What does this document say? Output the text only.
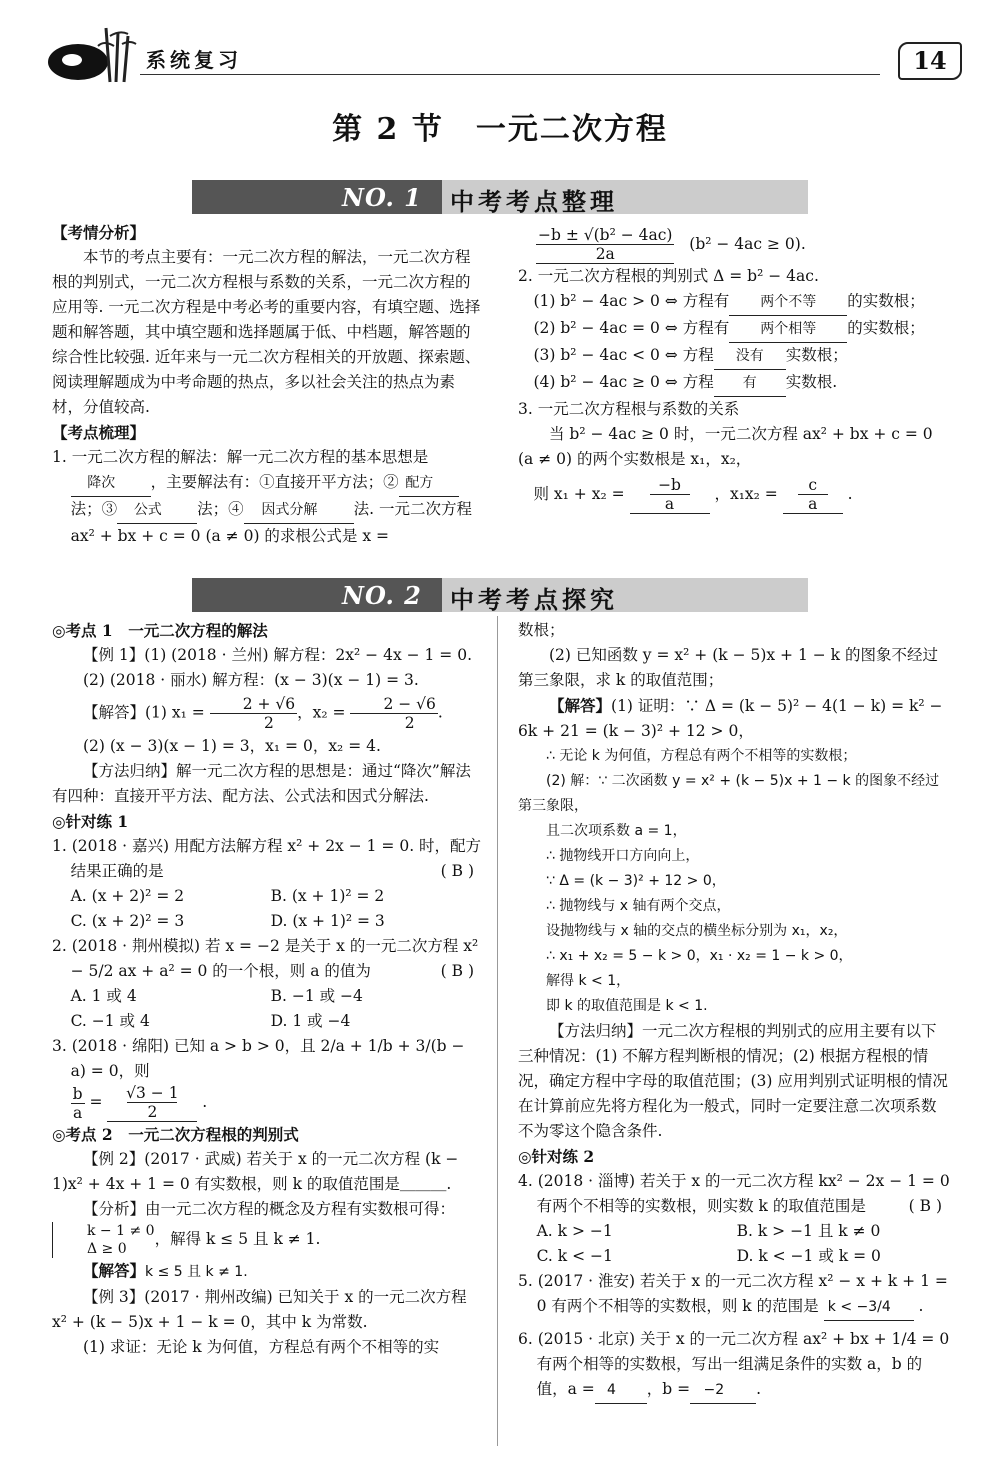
系统复习	14
第 2 节　一元二次方程
NO. 1 中考考点整理

【考情分析】

本节的考点主要有：一元二次方程的解法，一元二次方程根的判别式，一元二次方程根与系数的关系，一元二次方程的应用等. 一元二次方程是中考必考的重要内容，有填空题、选择题和解答题，其中填空题和选择题属于低、中档题，解答题的综合性比较强. 近年来与一元二次方程相关的开放题、探索题、阅读理解题成为中考命题的热点，多以社会关注的热点为素材，分值较高.

【考点梳理】

1. 一元二次方程的解法：解一元二次方程的基本思想是 降次 ，主要解法有：①直接开平方法；② 配方法；③ 公式 法；④ 因式分解 法. 一元二次方程 ax² + bx + c = 0 (a ≠ 0) 的求根公式是 x =

$\frac{\text{−b ± √(b² − 4ac)}}{2a} (b^2 - 4ac \ge 0)$.

2. 一元二次方程根的判别式 Δ = b² − 4ac.

(1) b² − 4ac > 0 ⇔ 方程有 两个不等 的实数根；

(2) b² − 4ac = 0 ⇔ 方程有 两个相等 的实数根；

(3) b² − 4ac < 0 ⇔ 方程 没有 实数根；

(4) b² − 4ac ≥ 0 ⇔ 方程 有 实数根.

3. 一元二次方程根与系数的关系

当 b² − 4ac ≥ 0 时，一元二次方程 ax² + bx + c = 0 (a ≠ 0) 的两个实数根是 x₁，x₂，

则 $x_1 + x_2 = \frac{-b}{a}$ ，$x_1x_2 = \frac{c}{a}$ .

NO. 2 中考考点探究

◎考点 1　一元二次方程的解法

【例 1】(1) (2018 · 兰州) 解方程：2x² − 4x − 1 = 0.

(2) (2018 · 丽水) 解方程：(x − 3)(x − 1) = 3.

【解答】(1) $x_1 = \frac{2 + √6}{2}$ ，$x_2 = \frac{2 - √6}{2}$ .

(2) (x − 3)(x − 1) = 3，x₁ = 0，x₂ = 4.

【方法归纳】解一元二次方程的思想是：通过“降次”解法有四种：直接开平方法、配方法、公式法和因式分解法.

◎针对练 1

1. (2018 · 嘉兴) 用配方法解方程 x² + 2x − 1 = 0. 时，配方结果正确的是	( B )

A. (x + 2)² = 2	B. (x + 1)² = 2

C. (x + 2)² = 3	D. (x + 1)² = 3

2. (2018 · 荆州模拟) 若 x = −2 是关于 x 的一元二次方程 x² − 5/2 ax + a² = 0 的一个根，则 a 的值为	( B )

A. 1 或 4	B. −1 或 −4

C. −1 或 4	D. 1 或 −4

3. (2018 · 绵阳) 已知 a > b > 0，且 2/a + 1/b + 3/(b − a) = 0，则

$\frac{b}{a} = \frac{√3 - 1}{2}$ .

◎考点 2　一元二次方程根的判别式

【例 2】(2017 · 武威) 若关于 x 的一元二次方程 (k − 1)x² + 4x + 1 = 0 有实数根，则 k 的取值范围是＿＿＿.

【分析】由一元二次方程的概念及方程有实数根可得：
k − 1 ≠ 0
Δ ≥ 0
，解得 k ≤ 5 且 k ≠ 1.

【解答】k ≤ 5 且 k ≠ 1.

【例 3】(2017 · 荆州改编) 已知关于 x 的一元二次方程 x² + (k − 5)x + 1 − k = 0，其中 k 为常数.

(1) 求证：无论 k 为何值，方程总有两个不相等的实

数根；

(2) 已知函数 y = x² + (k − 5)x + 1 − k 的图象不经过第三象限，求 k 的取值范围；

【解答】(1) 证明：∵ Δ = (k − 5)² − 4(1 − k) = k² − 6k + 21 = (k − 3)² + 12 > 0，

∴ 无论 k 为何值，方程总有两个不相等的实数根；

(2) 解：∵ 二次函数 y = x² + (k − 5)x + 1 − k 的图象不经过第三象限，

且二次项系数 a = 1，

∴ 抛物线开口方向向上，

∵ Δ = (k − 3)² + 12 > 0，

∴ 抛物线与 x 轴有两个交点，

设抛物线与 x 轴的交点的横坐标分别为 x₁，x₂，

∴ x₁ + x₂ = 5 − k > 0，x₁ · x₂ = 1 − k > 0，

解得 k < 1，

即 k 的取值范围是 k < 1.

【方法归纳】一元二次方程根的判别式的应用主要有以下三种情况：(1) 不解方程判断根的情况；(2) 根据方程根的情况，确定方程中字母的取值范围；(3) 应用判别式证明根的情况在计算前应先将方程化为一般式，同时一定要注意二次项系数不为零这个隐含条件.

◎针对练 2

4. (2018 · 淄博) 若关于 x 的一元二次方程 kx² − 2x − 1 = 0 有两个不相等的实数根，则实数 k 的取值范围是	( B )

A. k > −1	B. k > −1 且 k ≠ 0

C. k < −1	D. k < −1 或 k = 0

5. (2017 · 淮安) 若关于 x 的一元二次方程 x² − x + k + 1 = 0 有两个不相等的实数根，则 k 的范围是 k < −3/4 .

6. (2015 · 北京) 关于 x 的一元二次方程 ax² + bx + 1/4 = 0 有两个相等的实数根，写出一组满足条件的实数 a，b 的值，a = 4 ，b = −2 .
